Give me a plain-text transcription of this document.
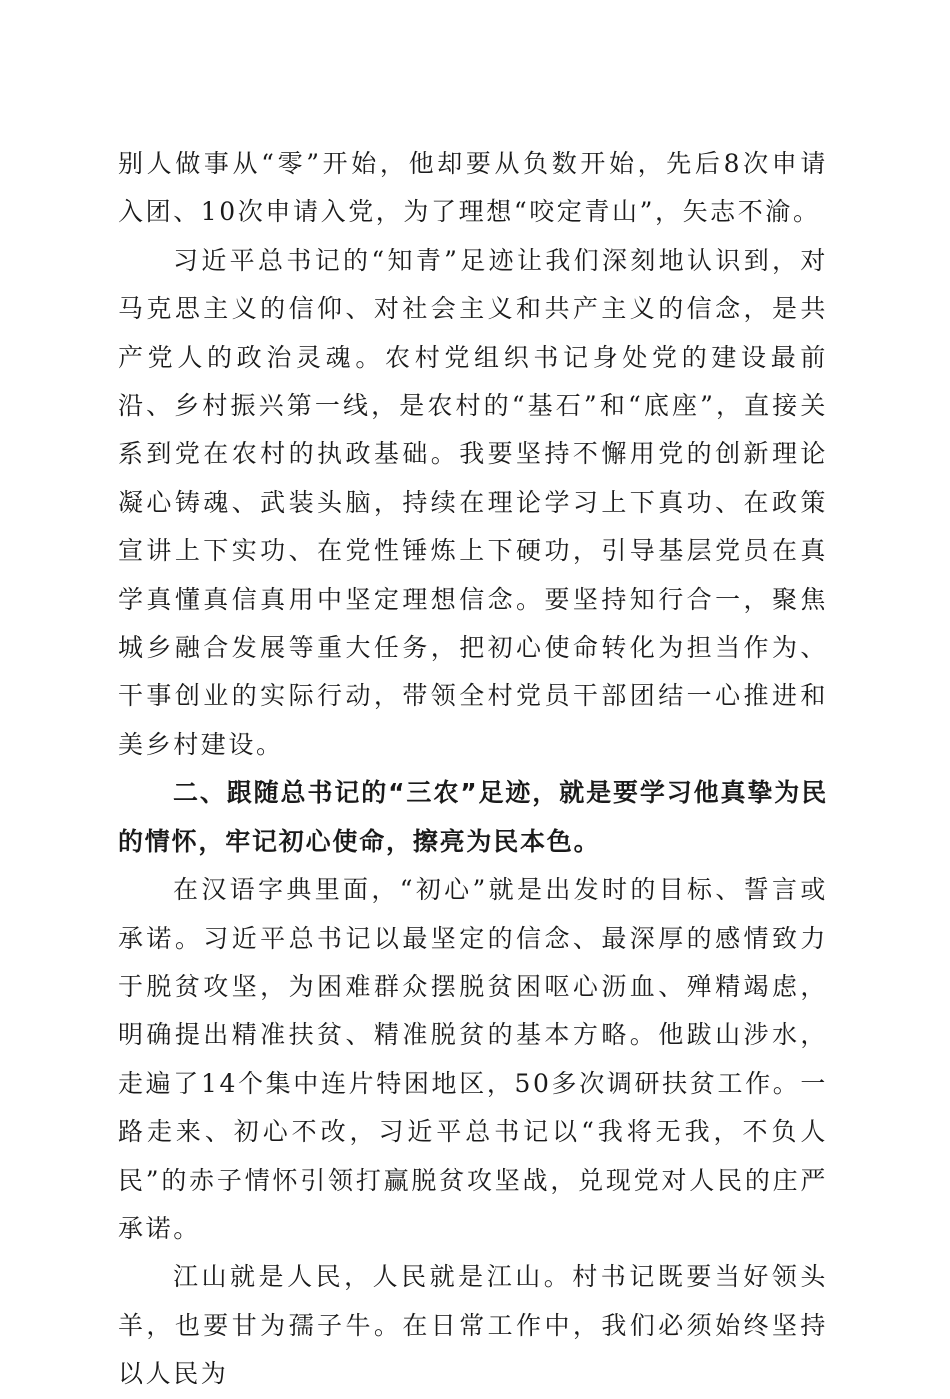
别人做事从“零”开始，他却要从负数开始，先后8次申请入团、10次申请入党，为了理想“咬定青山”，矢志不渝。

习近平总书记的“知青”足迹让我们深刻地认识到，对马克思主义的信仰、对社会主义和共产主义的信念，是共产党人的政治灵魂。农村党组织书记身处党的建设最前沿、乡村振兴第一线，是农村的“基石”和“底座”，直接关系到党在农村的执政基础。我要坚持不懈用党的创新理论凝心铸魂、武装头脑，持续在理论学习上下真功、在政策宣讲上下实功、在党性锤炼上下硬功，引导基层党员在真学真懂真信真用中坚定理想信念。要坚持知行合一，聚焦城乡融合发展等重大任务，把初心使命转化为担当作为、干事创业的实际行动，带领全村党员干部团结一心推进和美乡村建设。

二、跟随总书记的“三农”足迹，就是要学习他真挚为民的情怀，牢记初心使命，擦亮为民本色。

在汉语字典里面，“初心”就是出发时的目标、誓言或承诺。习近平总书记以最坚定的信念、最深厚的感情致力于脱贫攻坚，为困难群众摆脱贫困呕心沥血、殚精竭虑，明确提出精准扶贫、精准脱贫的基本方略。他跋山涉水，走遍了14个集中连片特困地区，50多次调研扶贫工作。一路走来、初心不改，习近平总书记以“我将无我，不负人民”的赤子情怀引领打赢脱贫攻坚战，兑现党对人民的庄严承诺。

江山就是人民，人民就是江山。村书记既要当好领头羊，也要甘为孺子牛。在日常工作中，我们必须始终坚持以人民为
